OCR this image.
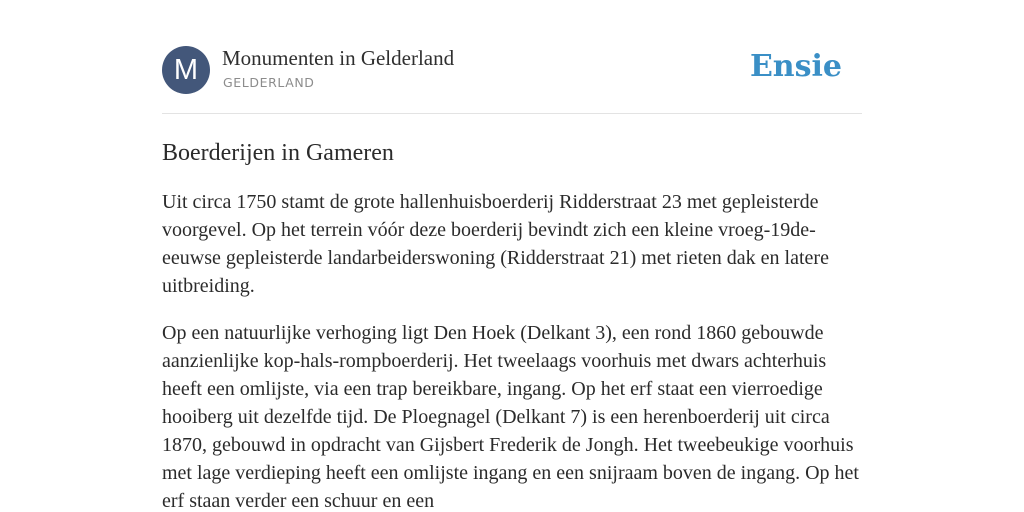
M	Monumenten in Gelderland
GELDERLAND	Ensie
Boerderijen in Gameren

Uit circa 1750 stamt de grote hallenhuisboerderij Ridderstraat 23 met gepleisterde voorgevel. Op het terrein vóór deze boerderij bevindt zich een kleine vroeg-19de-eeuwse gepleisterde landarbeiderswoning (Ridderstraat 21) met rieten dak en latere uitbreiding.

Op een natuurlijke verhoging ligt Den Hoek (Delkant 3), een rond 1860 gebouwde aanzienlijke kop-hals-rompboerderij. Het tweelaags voorhuis met dwars achterhuis heeft een omlijste, via een trap bereikbare, ingang. Op het erf staat een vierroedige hooiberg uit dezelfde tijd. De Ploegnagel (Delkant 7) is een herenboerderij uit circa 1870, gebouwd in opdracht van Gijsbert Frederik de Jongh. Het tweebeukige voorhuis met lage verdieping heeft een omlijste ingang en een snijraam boven de ingang. Op het erf staan verder een schuur en een
